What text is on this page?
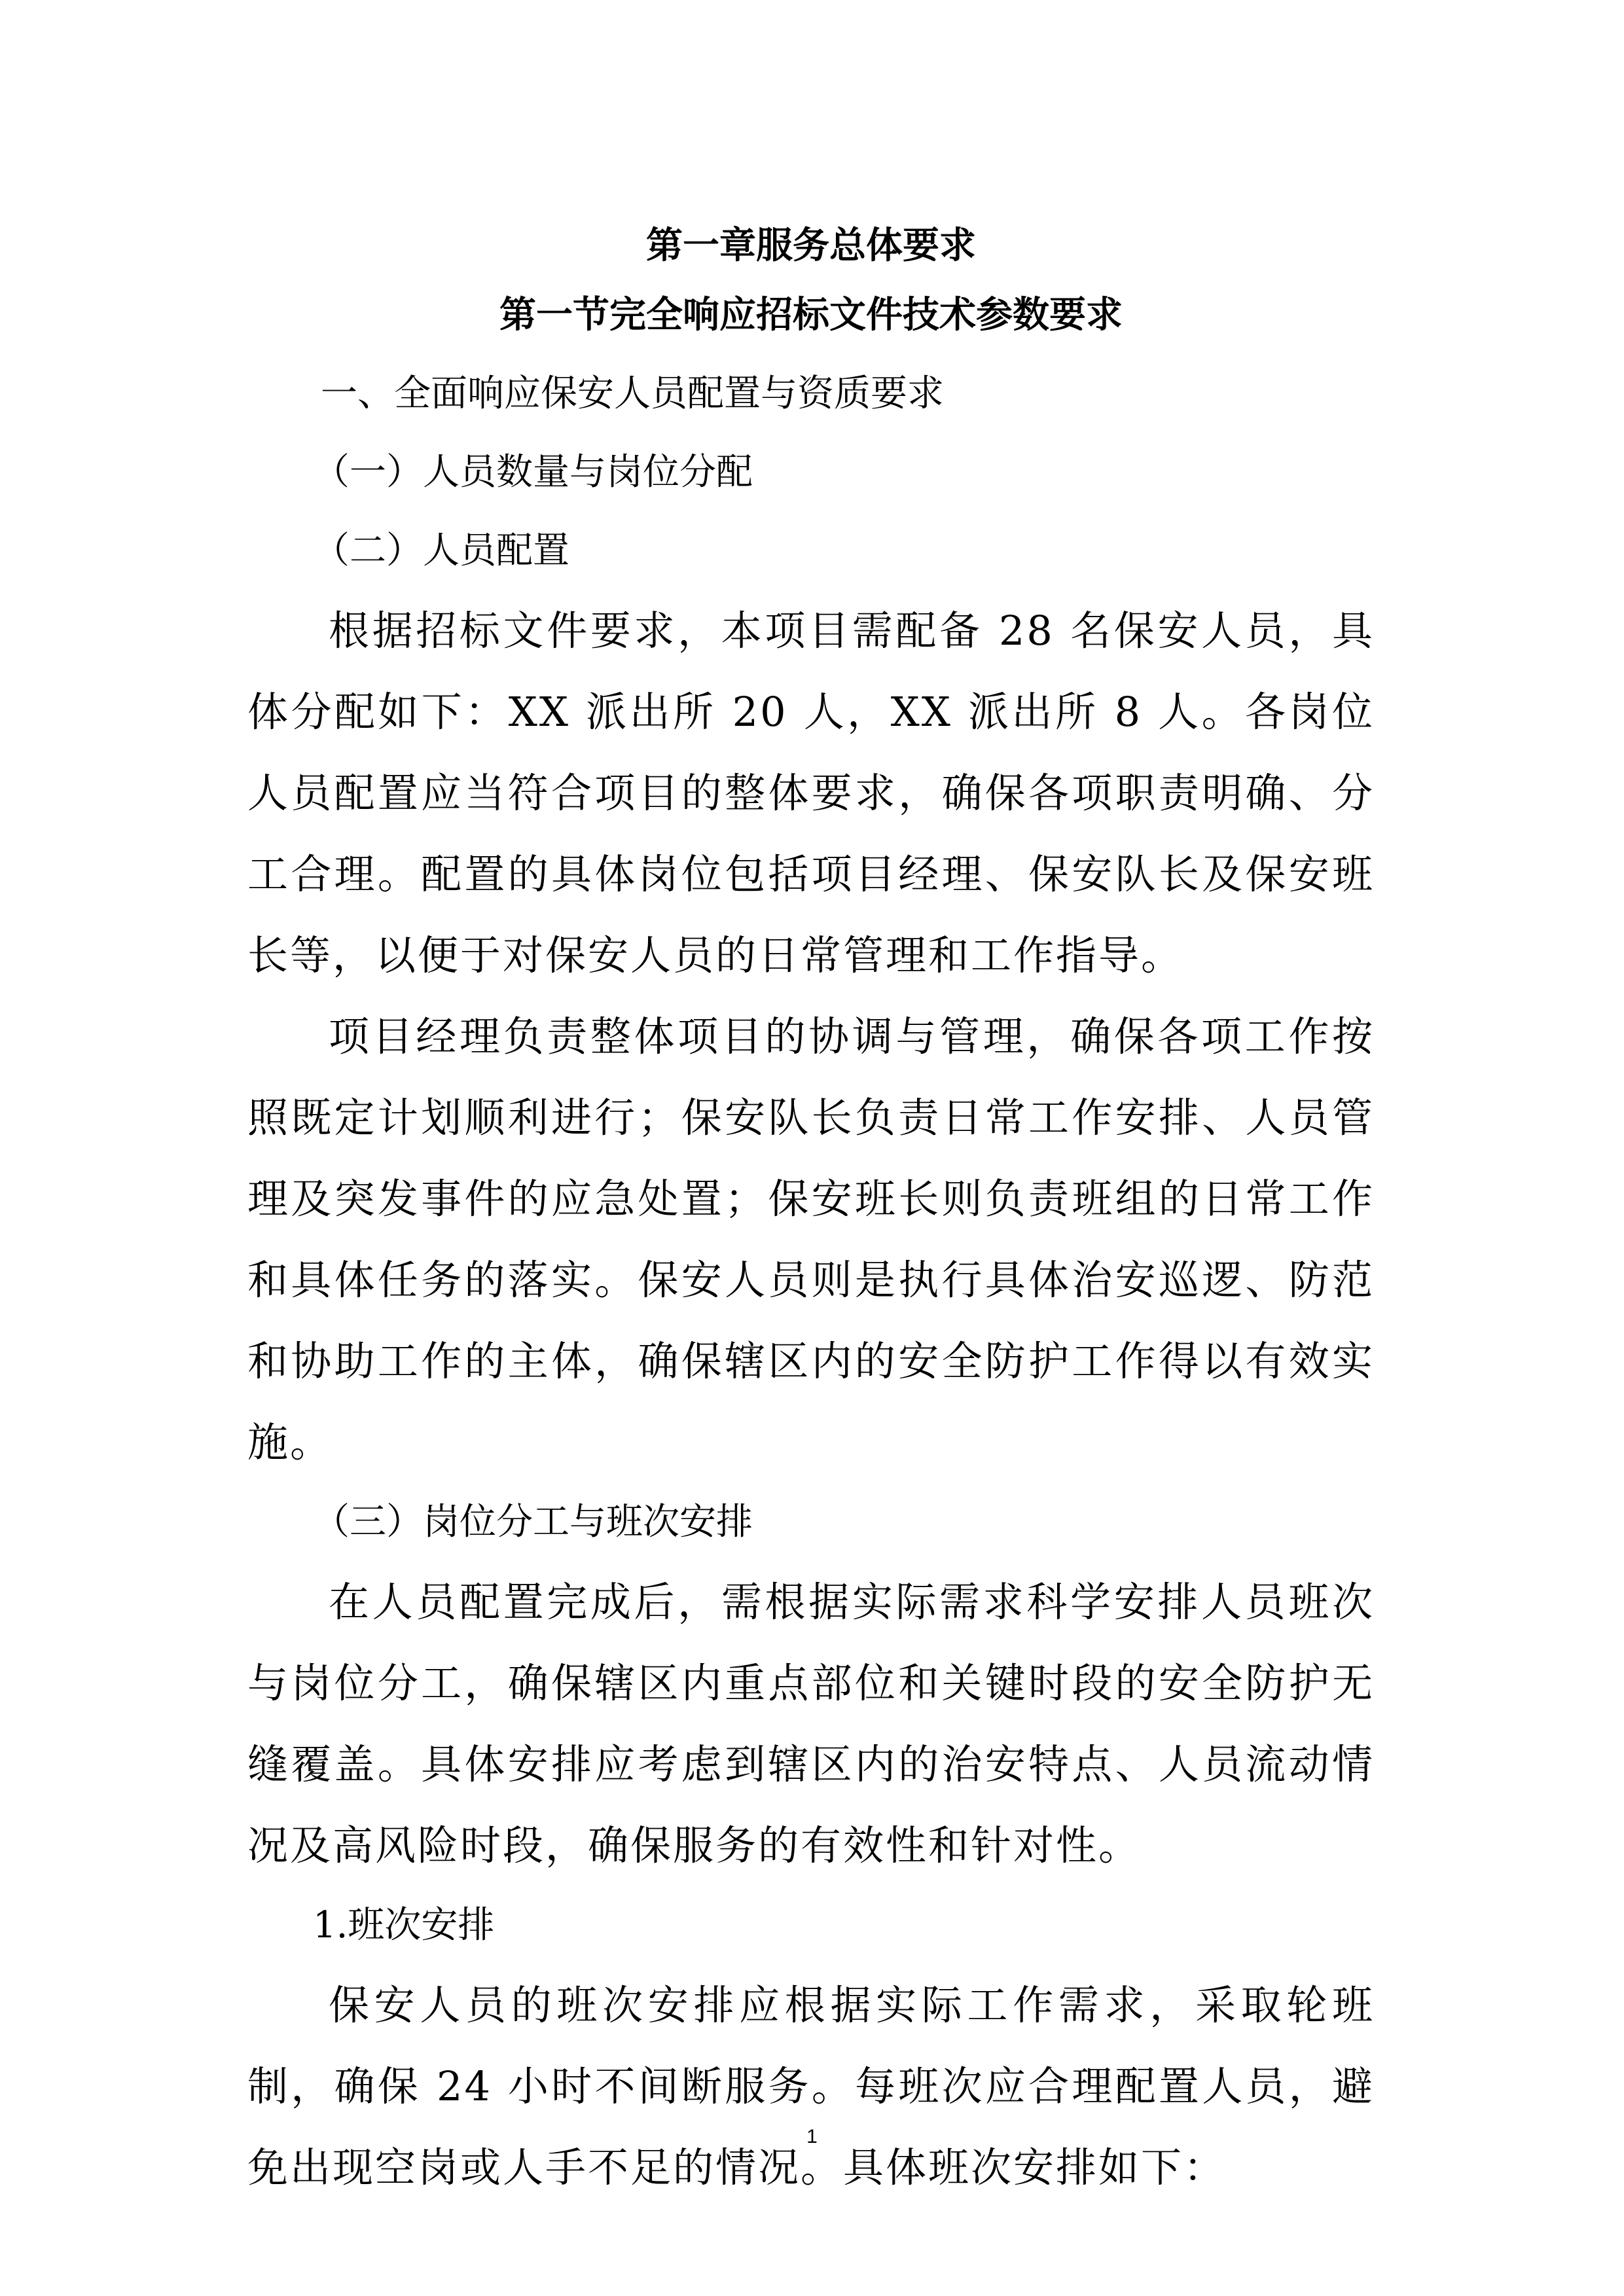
第一章服务总体要求
第一节完全响应招标文件技术参数要求

一、全面响应保安人员配置与资质要求

（一）人员数量与岗位分配

（二）人员配置

根据招标文件要求，本项目需配备 28 名保安人员，具体分配如下：XX 派出所 20 人，XX 派出所 8 人。各岗位人员配置应当符合项目的整体要求，确保各项职责明确、分工合理。配置的具体岗位包括项目经理、保安队长及保安班长等，以便于对保安人员的日常管理和工作指导。

项目经理负责整体项目的协调与管理，确保各项工作按照既定计划顺利进行；保安队长负责日常工作安排、人员管理及突发事件的应急处置；保安班长则负责班组的日常工作和具体任务的落实。保安人员则是执行具体治安巡逻、防范和协助工作的主体，确保辖区内的安全防护工作得以有效实施。

（三）岗位分工与班次安排

在人员配置完成后，需根据实际需求科学安排人员班次与岗位分工，确保辖区内重点部位和关键时段的安全防护无缝覆盖。具体安排应考虑到辖区内的治安特点、人员流动情况及高风险时段，确保服务的有效性和针对性。

1.班次安排

保安人员的班次安排应根据实际工作需求，采取轮班制，确保 24 小时不间断服务。每班次应合理配置人员，避免出现空岗或人手不足的情况。具体班次安排如下：

1
